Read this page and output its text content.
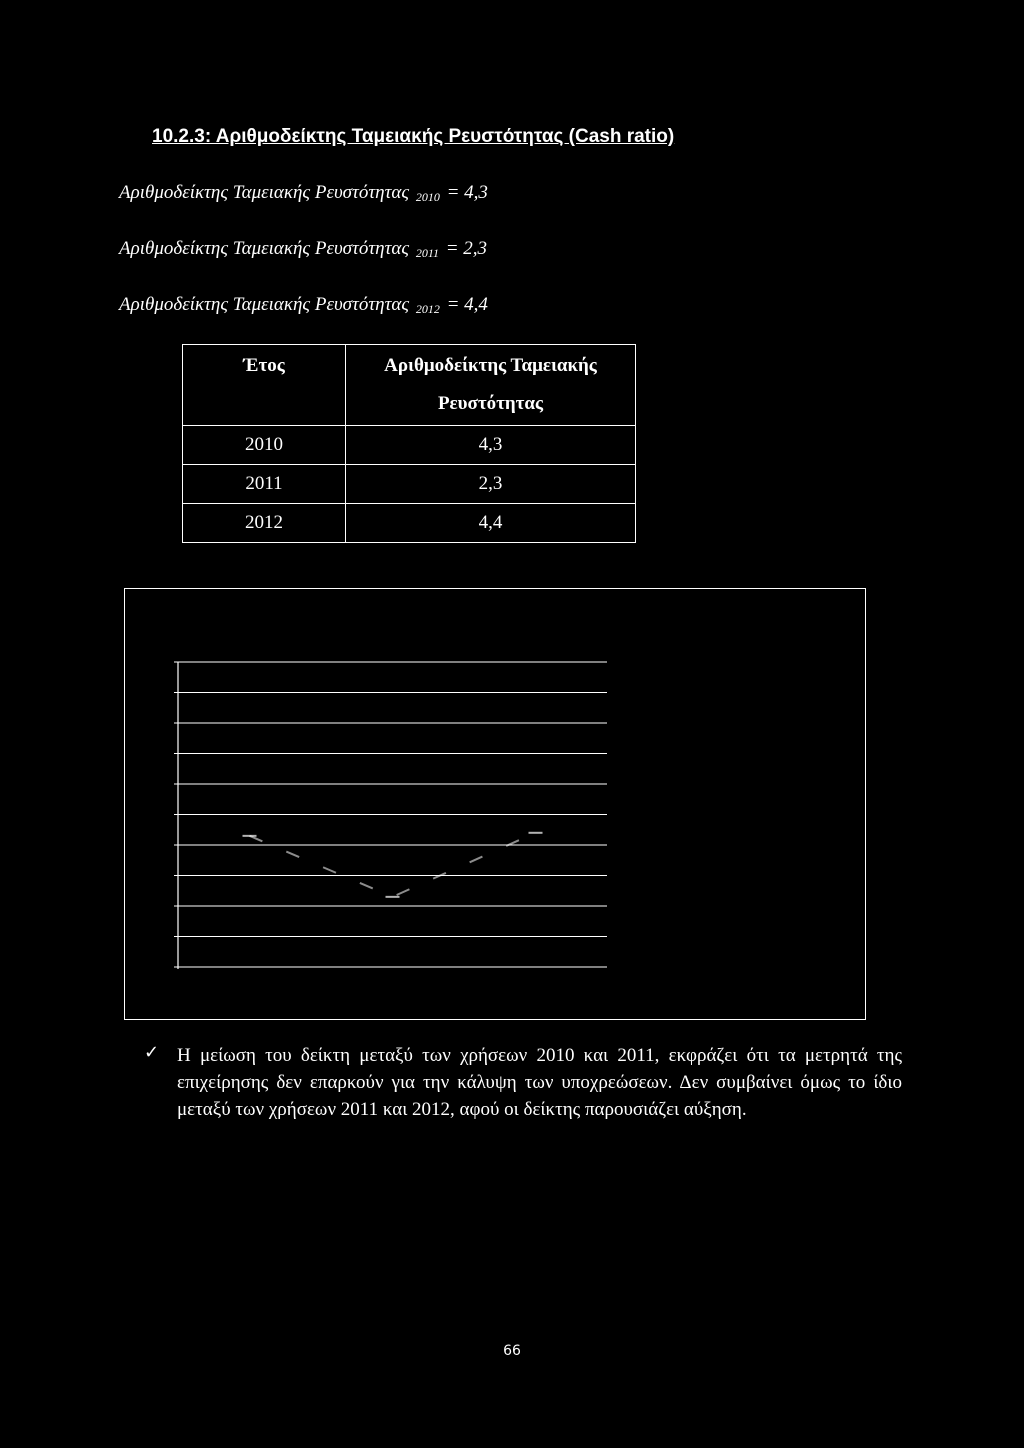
10.2.3: Αριθμοδείκτης Ταμειακής Ρευστότητας (Cash ratio)
Αριθμοδείκτης Ταμειακής Ρευστότητας $_{2010}$ = 4,3
Αριθμοδείκτης Ταμειακής Ρευστότητας $_{2011}$ = 2,3
Αριθμοδείκτης Ταμειακής Ρευστότητας $_{2012}$ = 4,4
Έτος	Αριθμοδείκτης Ταμειακής Ρευστότητας
2010	4,3
2011	2,3
2012	4,4
✓ Η μείωση του δείκτη μεταξύ των χρήσεων 2010 και 2011, εκφράζει ότι τα μετρητά της επιχείρησης δεν επαρκούν για την κάλυψη των υποχρεώσεων. Δεν συμβαίνει όμως το ίδιο μεταξύ των χρήσεων 2011 και 2012, αφού οι δείκτης παρουσιάζει αύξηση.
66
